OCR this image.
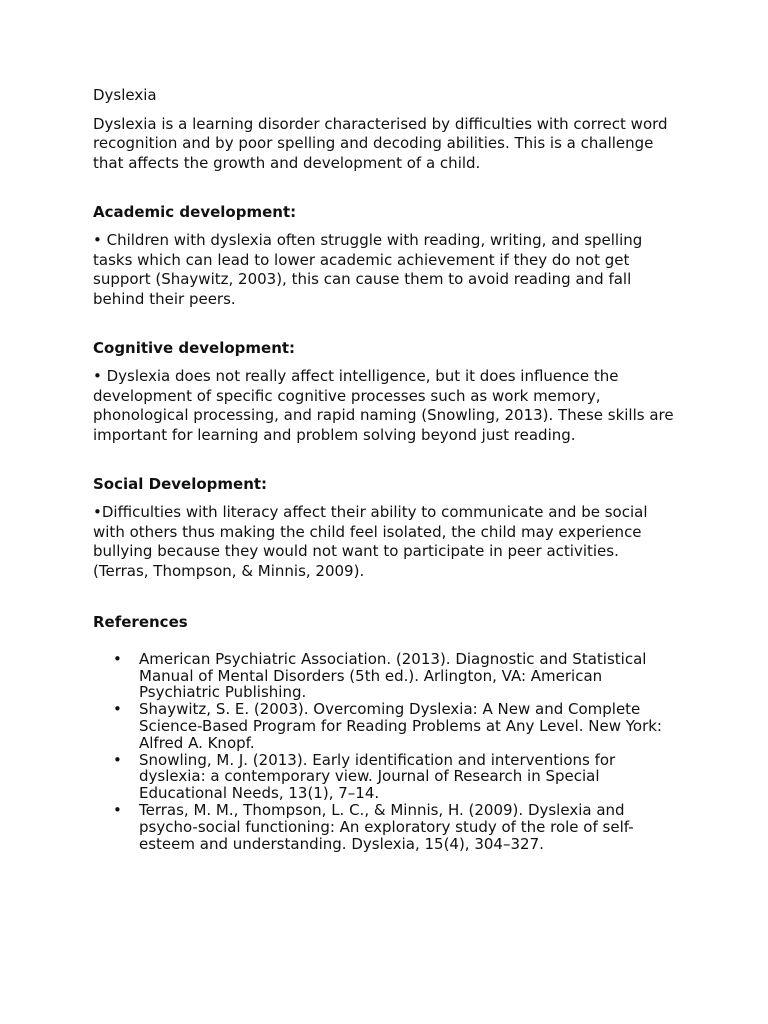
Dyslexia

Dyslexia is a learning disorder characterised by difficulties with correct word recognition and by poor spelling and decoding abilities. This is a challenge that affects the growth and development of a child.

Academic development:

• Children with dyslexia often struggle with reading, writing, and spelling tasks which can lead to lower academic achievement if they do not get support (Shaywitz, 2003), this can cause them to avoid reading and fall behind their peers.

Cognitive development:

• Dyslexia does not really affect intelligence, but it does influence the development of specific cognitive processes such as work memory, phonological processing, and rapid naming (Snowling, 2013). These skills are important for learning and problem solving beyond just reading.

Social Development:

•Difficulties with literacy affect their ability to communicate and be social with others thus making the child feel isolated, the child may experience bullying because they would not want to participate in peer activities. (Terras, Thompson, & Minnis, 2009).

References

• American Psychiatric Association. (2013). Diagnostic and Statistical Manual of Mental Disorders (5th ed.). Arlington, VA: American Psychiatric Publishing.
• Shaywitz, S. E. (2003). Overcoming Dyslexia: A New and Complete Science-Based Program for Reading Problems at Any Level. New York: Alfred A. Knopf.
• Snowling, M. J. (2013). Early identification and interventions for dyslexia: a contemporary view. Journal of Research in Special Educational Needs, 13(1), 7–14.
• Terras, M. M., Thompson, L. C., & Minnis, H. (2009). Dyslexia and psycho-social functioning: An exploratory study of the role of self-esteem and understanding. Dyslexia, 15(4), 304–327.
